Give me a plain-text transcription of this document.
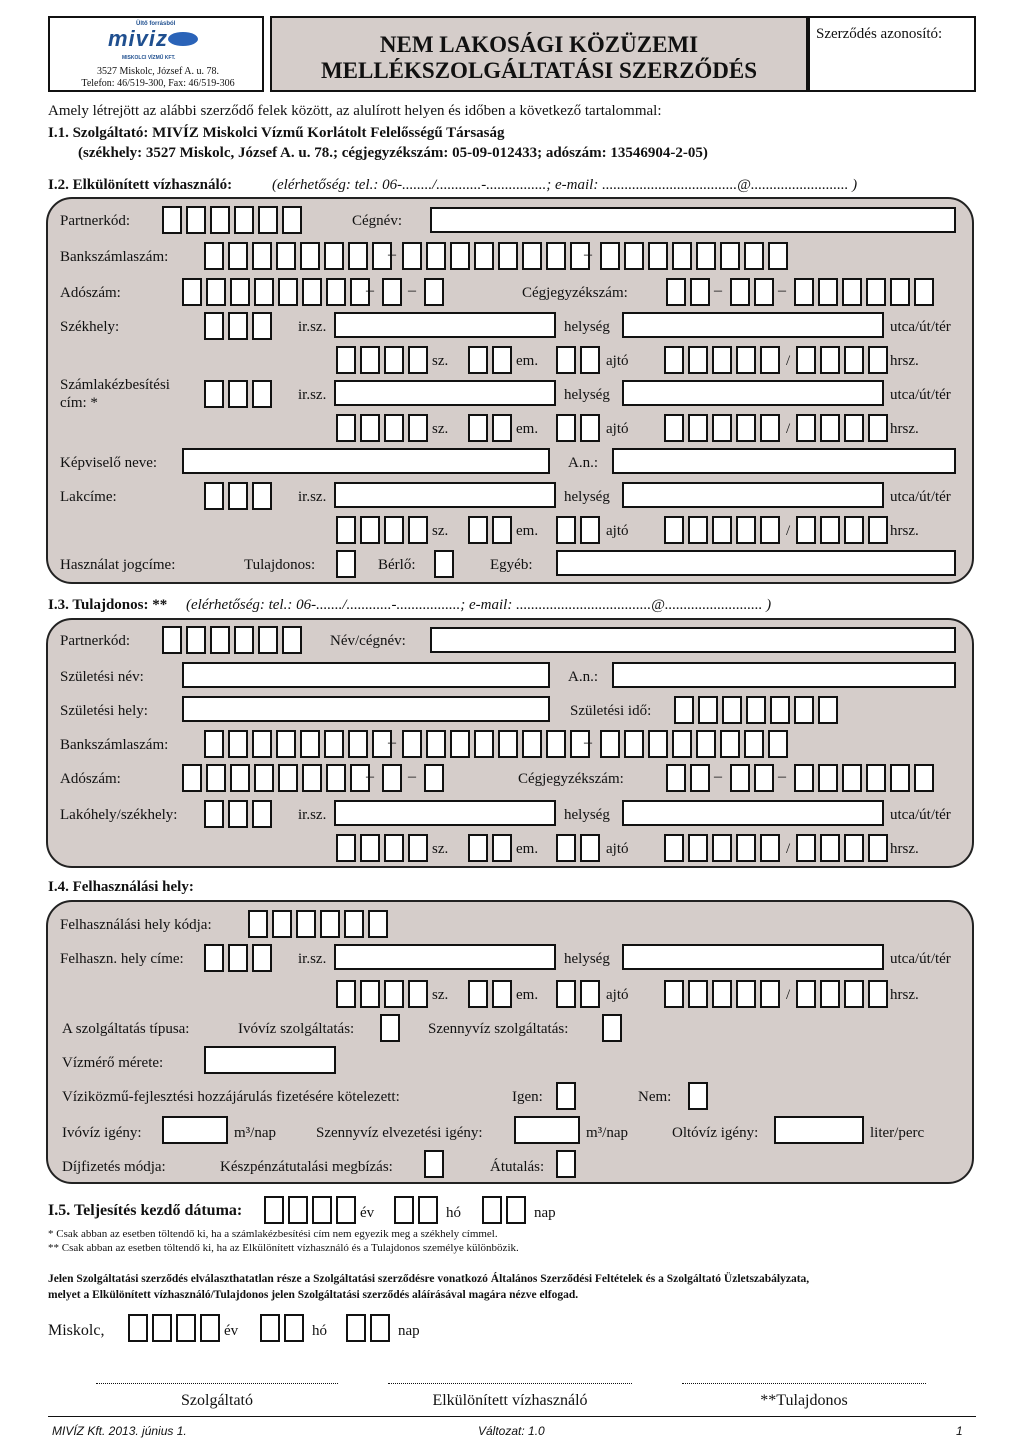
Ültő forrásból
miviz
MISKOLCI VÍZMŰ KFT.
3527 Miskolc, József A. u. 78.
Telefon: 46/519-300, Fax: 46/519-306
NEM LAKOSÁGI KÖZÜZEMI
MELLÉKSZOLGÁLTATÁSI SZERZŐDÉS
Szerződés azonosító:
Amely létrejött az alábbi szerződő felek között, az alulírott helyen és időben a következő tartalommal:
I.1. Szolgáltató: MIVÍZ Miskolci Vízmű Korlátolt Felelősségű Társaság
(székhely: 3527 Miskolc, József A. u. 78.; cégjegyzékszám: 05-09-012433; adószám: 13546904-2-05)
I.2. Elkülönített vízhasználó:	(elérhetőség: tel.: 06-......../............-................; e-mail: ....................................@.......................... )
Partnerkód:	Cégnév:
Bankszámlaszám:	–	–
Adószám:	– –	Cégjegyzékszám:	–	–
Székhely:	ir.sz.	helység	utca/út/tér
sz.	em.	ajtó	/	hrsz.
Számlakézbesítési
cím: *	ir.sz.	helység	utca/út/tér
sz.	em.	ajtó	/	hrsz.
Képviselő neve:	A.n.:
Lakcíme:	ir.sz.	helység	utca/út/tér
sz.	em.	ajtó	/	hrsz.
Használat jogcíme:	Tulajdonos:	Bérlő:	Egyéb:
I.3. Tulajdonos: ** (elérhetőség: tel.: 06-......./............-.................; e-mail: ....................................@.......................... )
Partnerkód:	Név/cégnév:
Születési név:	A.n.:
Születési hely:	Születési idő:
Bankszámlaszám:	–	–
Adószám:	– –	Cégjegyzékszám:	–	–
Lakóhely/székhely:	ir.sz.	helység	utca/út/tér
sz.	em.	ajtó	/	hrsz.
I.4. Felhasználási hely:
Felhasználási hely kódja:
Felhaszn. hely címe:	ir.sz.	helység	utca/út/tér
sz.	em.	ajtó	/	hrsz.
A szolgáltatás típusa:	Ivóvíz szolgáltatás:	Szennyvíz szolgáltatás:
Vízmérő mérete:
Víziközmű-fejlesztési hozzájárulás fizetésére kötelezett:	Igen:	Nem:
Ivóvíz igény:	m³/nap	Szennyvíz elvezetési igény:	m³/nap	Oltóvíz igény:	liter/perc
Díjfizetés módja:	Készpénzátutalási megbízás:	Átutalás:
I.5. Teljesítés kezdő dátuma:	év	hó	nap
* Csak abban az esetben töltendő ki, ha a számlakézbesítési cím nem egyezik meg a székhely címmel.
** Csak abban az esetben töltendő ki, ha az Elkülönített vízhasználó és a Tulajdonos személye különbözik.
Jelen Szolgáltatási szerződés elválaszthatatlan része a Szolgáltatási szerződésre vonatkozó Általános Szerződési Feltételek és a Szolgáltató Üzletszabályzata,
melyet a Elkülönített vízhasználó/Tulajdonos jelen Szolgáltatási szerződés aláírásával magára nézve elfogad.
Miskolc,	év	hó	nap
Szolgáltató	Elkülönített vízhasználó	**Tulajdonos
MIVÍZ Kft. 2013. június 1.	Változat: 1.0	1
